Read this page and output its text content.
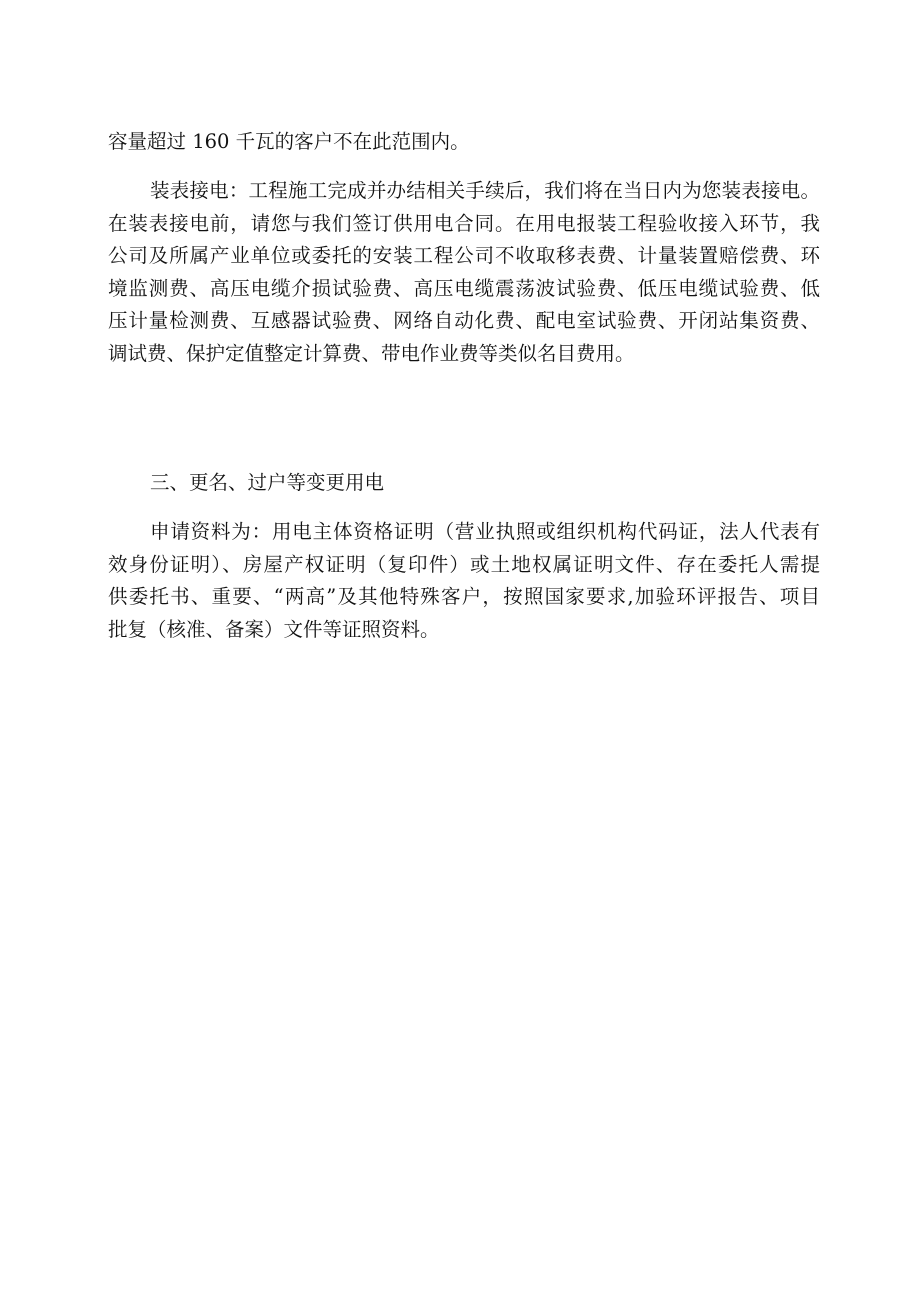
容量超过 160 千瓦的客户不在此范围内。
装表接电：工程施工完成并办结相关手续后，我们将在当日内为您装表接电。
在装表接电前，请您与我们签订供用电合同。在用电报装工程验收接入环节，我
公司及所属产业单位或委托的安装工程公司不收取移表费、计量装置赔偿费、环
境监测费、高压电缆介损试验费、高压电缆震荡波试验费、低压电缆试验费、低
压计量检测费、互感器试验费、网络自动化费、配电室试验费、开闭站集资费、
调试费、保护定值整定计算费、带电作业费等类似名目费用。
三、更名、过户等变更用电
申请资料为：用电主体资格证明（营业执照或组织机构代码证，法人代表有
效身份证明）、房屋产权证明（复印件）或土地权属证明文件、存在委托人需提
供委托书、重要、“两高”及其他特殊客户，按照国家要求,加验环评报告、项目
批复（核准、备案）文件等证照资料。
